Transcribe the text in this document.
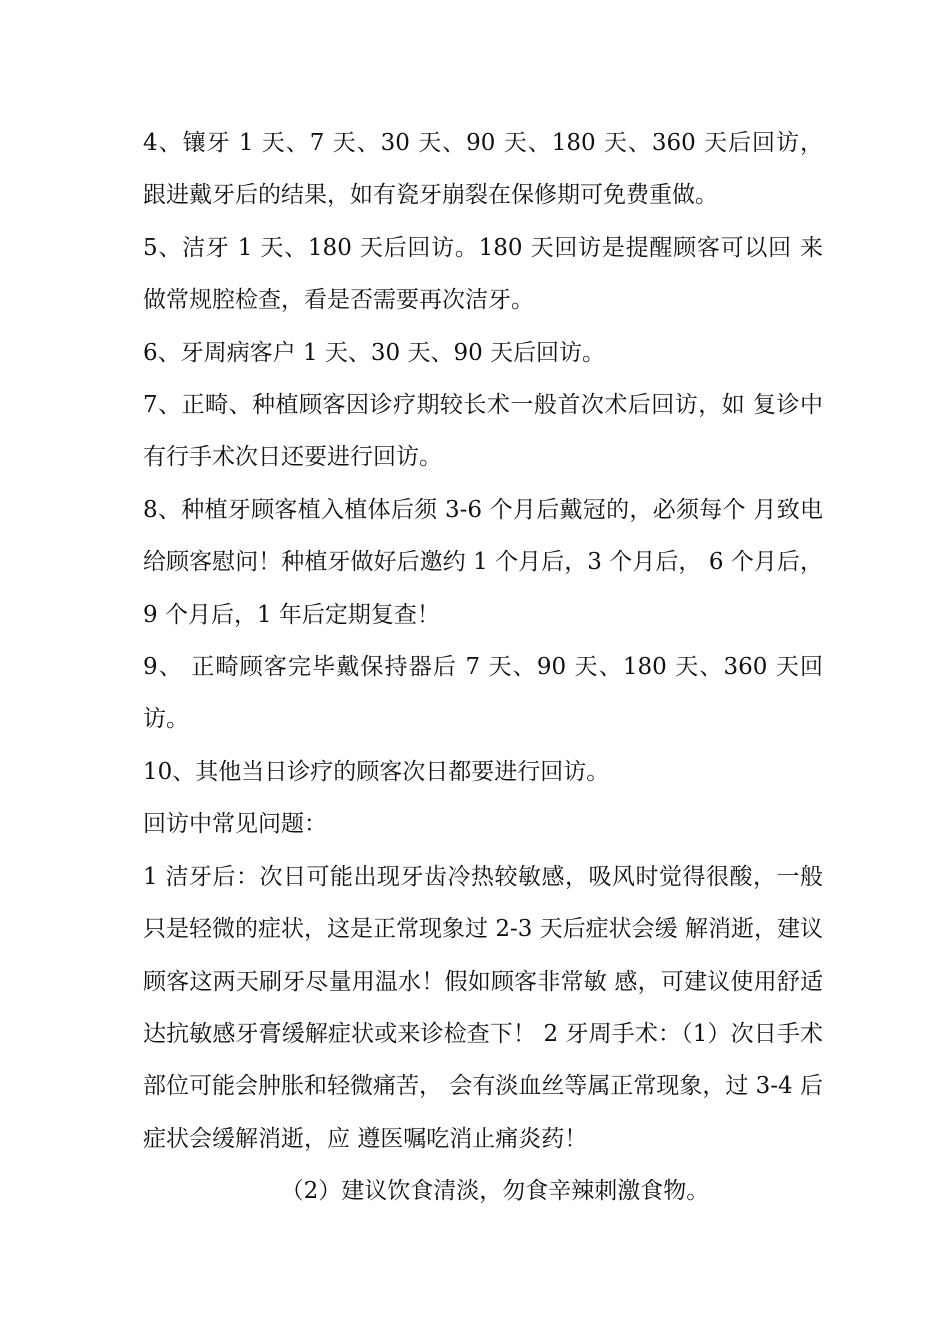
4、镶牙 1 天、7 天、30 天、90 天、180 天、360 天后回访， 跟进戴牙后的结果，如有瓷牙崩裂在保修期可免费重做。

5、洁牙 1 天、180 天后回访。180 天回访是提醒顾客可以回 来做常规腔检查，看是否需要再次洁牙。

6、牙周病客户 1 天、30 天、90 天后回访。

7、正畸、种植顾客因诊疗期较长术一般首次术后回访，如 复诊中有行手术次日还要进行回访。

8、种植牙顾客植入植体后须 3-6 个月后戴冠的，必须每个 月致电给顾客慰问！种植牙做好后邀约 1 个月后，3 个月后， 6 个月后，9 个月后，1 年后定期复查！

9、 正畸顾客完毕戴保持器后 7 天、90 天、180 天、360 天回访。

10、其他当日诊疗的顾客次日都要进行回访。

回访中常见问题：

1 洁牙后：次日可能出现牙齿冷热较敏感，吸风时觉得很酸，一般只是轻微的症状，这是正常现象过 2-3 天后症状会缓 解消逝，建议顾客这两天刷牙尽量用温水！假如顾客非常敏 感，可建议使用舒适达抗敏感牙膏缓解症状或来诊检查下！ 2 牙周手术：（1）次日手术部位可能会肿胀和轻微痛苦， 会有淡血丝等属正常现象，过 3-4 后症状会缓解消逝，应 遵医嘱吃消止痛炎药！

（2）建议饮食清淡，勿食辛辣刺激食物。
